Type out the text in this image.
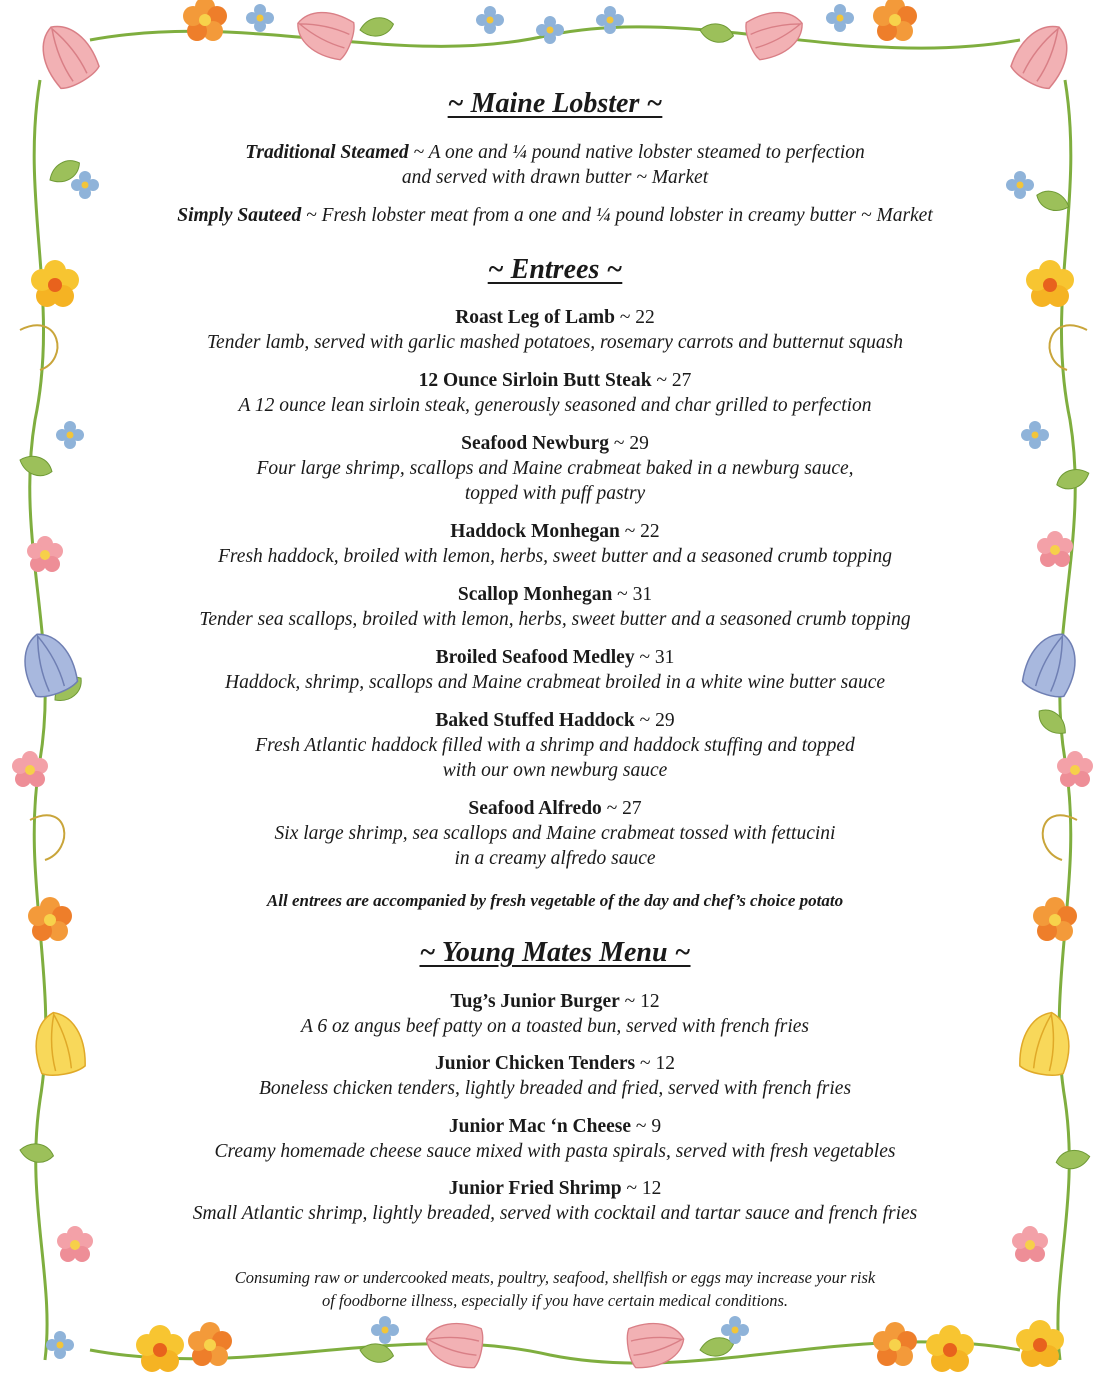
~ Maine Lobster ~
Traditional Steamed ~ A one and ¼ pound native lobster steamed to perfection
and served with drawn butter ~ Market
Simply Sauteed ~ Fresh lobster meat from a one and ¼ pound lobster in creamy butter ~ Market
~ Entrees ~
Roast Leg of Lamb ~ 22
Tender lamb, served with garlic mashed potatoes, rosemary carrots and butternut squash
12 Ounce Sirloin Butt Steak ~ 27
A 12 ounce lean sirloin steak, generously seasoned and char grilled to perfection
Seafood Newburg ~ 29
Four large shrimp, scallops and Maine crabmeat baked in a newburg sauce,
topped with puff pastry
Haddock Monhegan ~ 22
Fresh haddock, broiled with lemon, herbs, sweet butter and a seasoned crumb topping
Scallop Monhegan ~ 31
Tender sea scallops, broiled with lemon, herbs, sweet butter and a seasoned crumb topping
Broiled Seafood Medley ~ 31
Haddock, shrimp, scallops and Maine crabmeat broiled in a white wine butter sauce
Baked Stuffed Haddock ~ 29
Fresh Atlantic haddock filled with a shrimp and haddock stuffing and topped
with our own newburg sauce
Seafood Alfredo ~ 27
Six large shrimp, sea scallops and Maine crabmeat tossed with fettucini
in a creamy alfredo sauce
All entrees are accompanied by fresh vegetable of the day and chef’s choice potato
~ Young Mates Menu ~
Tug’s Junior Burger ~ 12
A 6 oz angus beef patty on a toasted bun, served with french fries
Junior Chicken Tenders ~ 12
Boneless chicken tenders, lightly breaded and fried, served with french fries
Junior Mac ‘n Cheese ~ 9
Creamy homemade cheese sauce mixed with pasta spirals, served with fresh vegetables
Junior Fried Shrimp ~ 12
Small Atlantic shrimp, lightly breaded, served with cocktail and tartar sauce and french fries
Consuming raw or undercooked meats, poultry, seafood, shellfish or eggs may increase your risk
of foodborne illness, especially if you have certain medical conditions.
